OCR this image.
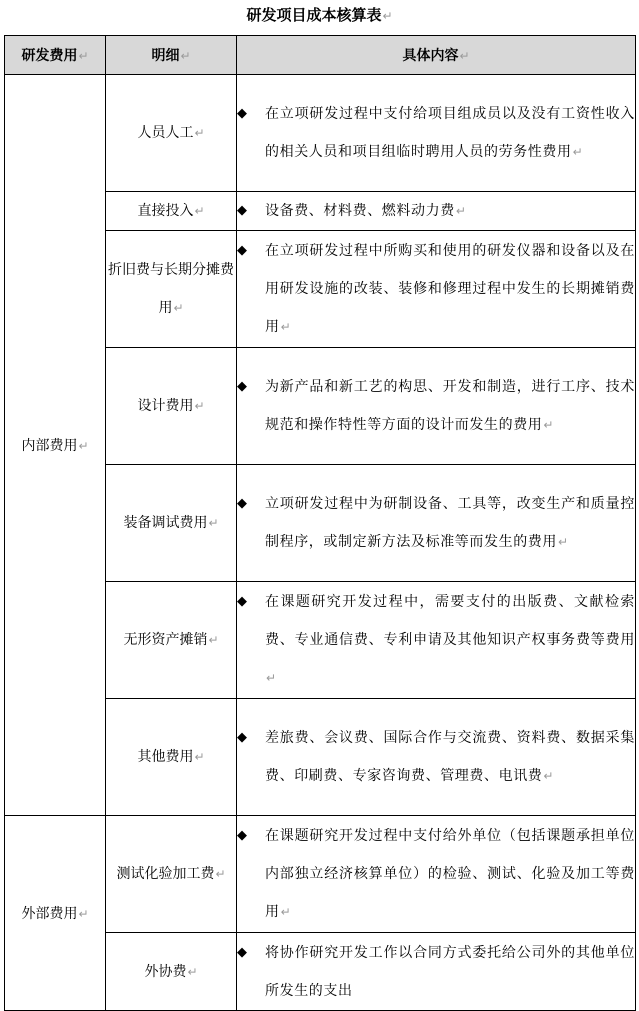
研发项目成本核算表↵
研发费用↵	明细↵	具体内容↵
内部费用↵	人员人工↵	◆ 在立项研发过程中支付给项目组成员以及没有工资性收入的相关人员和项目组临时聘用人员的劳务性费用↵

	直接投入↵	◆ 设备费、材料费、燃料动力费↵

	折旧费与长期分摊费用↵	◆ 在立项研发过程中所购买和使用的研发仪器和设备以及在用研发设施的改装、装修和修理过程中发生的长期摊销费用↵

	设计费用↵	◆ 为新产品和新工艺的构思、开发和制造，进行工序、技术规范和操作特性等方面的设计而发生的费用↵

	装备调试费用↵	◆ 立项研发过程中为研制设备、工具等，改变生产和质量控制程序，或制定新方法及标准等而发生的费用↵

	无形资产摊销↵	◆ 在课题研究开发过程中，需要支付的出版费、文献检索费、专业通信费、专利申请及其他知识产权事务费等费用↵

	其他费用↵	◆ 差旅费、会议费、国际合作与交流费、资料费、数据采集费、印刷费、专家咨询费、管理费、电讯费↵

外部费用↵	测试化验加工费↵	◆ 在课题研究开发过程中支付给外单位（包括课题承担单位内部独立经济核算单位）的检验、测试、化验及加工等费用↵

	外协费↵	◆ 将协作研究开发工作以合同方式委托给公司外的其他单位所发生的支出
